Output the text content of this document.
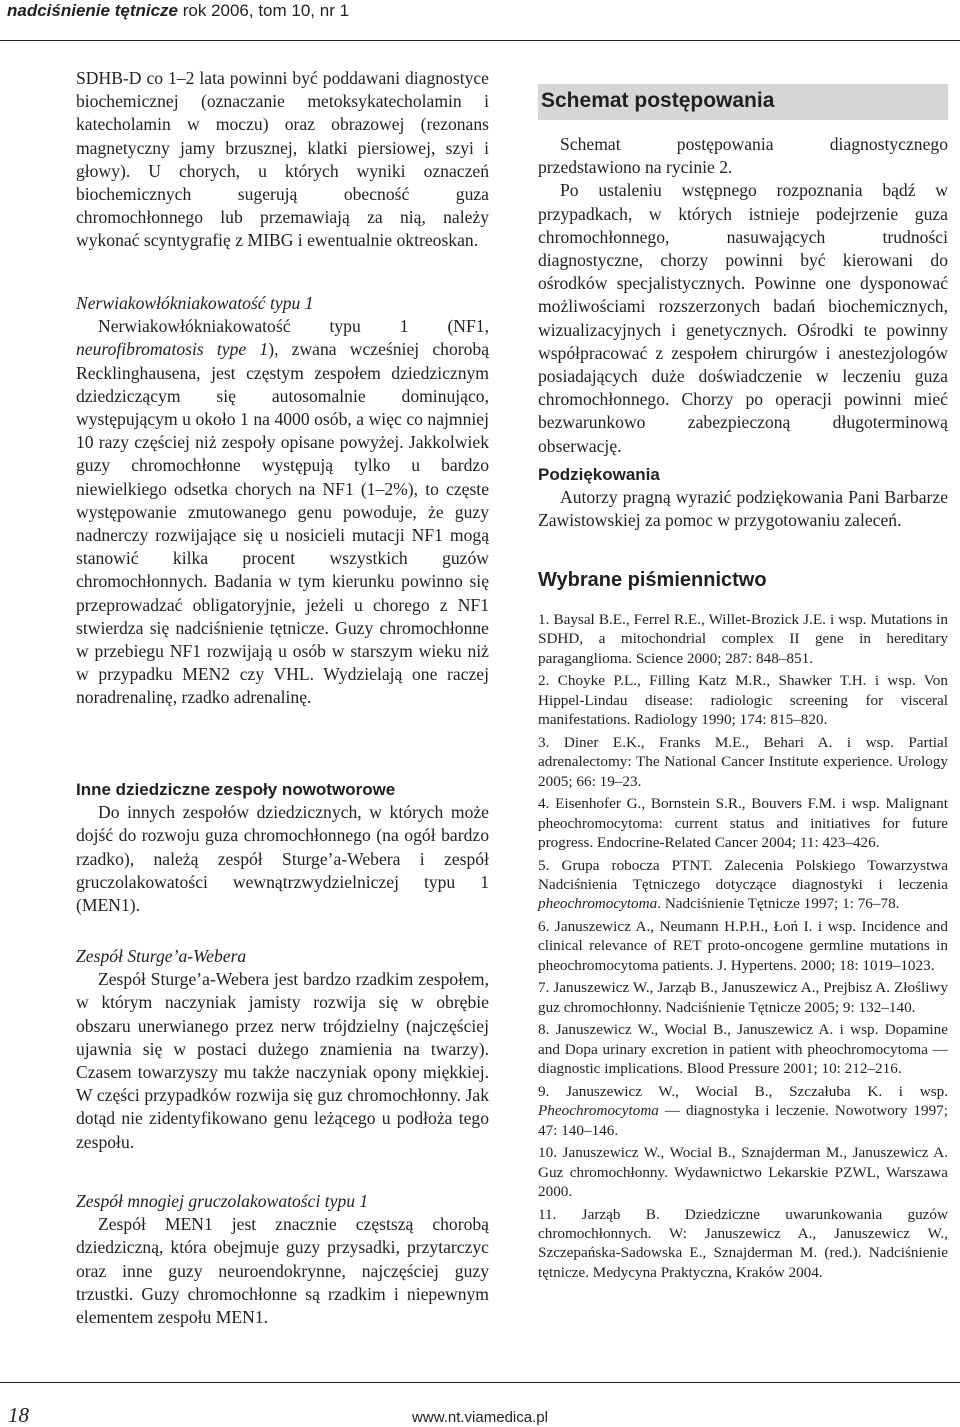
nadciśnienie tętnicze rok 2006, tom 10, nr 1

SDHB-D co 1–2 lata powinni być poddawani diagnostyce biochemicznej (oznaczanie metoksykatecholamin i katecholamin w moczu) oraz obrazowej (rezonans magnetyczny jamy brzusznej, klatki piersiowej, szyi i głowy). U chorych, u których wyniki oznaczeń biochemicznych sugerują obecność guza chromochłonnego lub przemawiają za nią, należy wykonać scyntygrafię z MIBG i ewentualnie oktreoskan.

Nerwiakowłókniakowatość typu 1

Nerwiakowłókniakowatość typu 1 (NF1, neurofibromatosis type 1), zwana wcześniej chorobą Recklinghausena, jest częstym zespołem dziedzicznym dziedziczącym się autosomalnie dominująco, występującym u około 1 na 4000 osób, a więc co najmniej 10 razy częściej niż zespoły opisane powyżej. Jakkolwiek guzy chromochłonne występują tylko u bardzo niewielkiego odsetka chorych na NF1 (1–2%), to częste występowanie zmutowanego genu powoduje, że guzy nadnerczy rozwijające się u nosicieli mutacji NF1 mogą stanowić kilka procent wszystkich guzów chromochłonnych. Badania w tym kierunku powinno się przeprowadzać obligatoryjnie, jeżeli u chorego z NF1 stwierdza się nadciśnienie tętnicze. Guzy chromochłonne w przebiegu NF1 rozwijają u osób w starszym wieku niż w przypadku MEN2 czy VHL. Wydzielają one raczej noradrenalinę, rzadko adrenalinę.

Inne dziedziczne zespoły nowotworowe

Do innych zespołów dziedzicznych, w których może dojść do rozwoju guza chromochłonnego (na ogół bardzo rzadko), należą zespół Sturge’a-Webera i zespół gruczolakowatości wewnątrzwydzielniczej typu 1 (MEN1).

Zespół Sturge’a-Webera

Zespół Sturge’a-Webera jest bardzo rzadkim zespołem, w którym naczyniak jamisty rozwija się w obrębie obszaru unerwianego przez nerw trójdzielny (najczęściej ujawnia się w postaci dużego znamienia na twarzy). Czasem towarzyszy mu także naczyniak opony miękkiej. W części przypadków rozwija się guz chromochłonny. Jak dotąd nie zidentyfikowano genu leżącego u podłoża tego zespołu.

Zespół mnogiej gruczolakowatości typu 1

Zespół MEN1 jest znacznie częstszą chorobą dziedziczną, która obejmuje guzy przysadki, przytarczyc oraz inne guzy neuroendokrynne, najczęściej guzy trzustki. Guzy chromochłonne są rzadkim i niepewnym elementem zespołu MEN1.

Schemat postępowania

Schemat postępowania diagnostycznego przedstawiono na rycinie 2.

Po ustaleniu wstępnego rozpoznania bądź w przypadkach, w których istnieje podejrzenie guza chromochłonnego, nasuwających trudności diagnostyczne, chorzy powinni być kierowani do ośrodków specjalistycznych. Powinne one dysponować możliwościami rozszerzonych badań biochemicznych, wizualizacyjnych i genetycznych. Ośrodki te powinny współpracować z zespołem chirurgów i anestezjologów posiadających duże doświadczenie w leczeniu guza chromochłonnego. Chorzy po operacji powinni mieć bezwarunkowo zabezpieczoną długoterminową obserwację.

Podziękowania

Autorzy pragną wyrazić podziękowania Pani Barbarze Zawistowskiej za pomoc w przygotowaniu zaleceń.

Wybrane piśmiennictwo

1. Baysal B.E., Ferrel R.E., Willet-Brozick J.E. i wsp. Mutations in SDHD, a mitochondrial complex II gene in hereditary paraganglioma. Science 2000; 287: 848–851.

2. Choyke P.L., Filling Katz M.R., Shawker T.H. i wsp. Von Hippel-Lindau disease: radiologic screening for visceral manifestations. Radiology 1990; 174: 815–820.

3. Diner E.K., Franks M.E., Behari A. i wsp. Partial adrenalectomy: The National Cancer Institute experience. Urology 2005; 66: 19–23.

4. Eisenhofer G., Bornstein S.R., Bouvers F.M. i wsp. Malignant pheochromocytoma: current status and initiatives for future progress. Endocrine-Related Cancer 2004; 11: 423–426.

5. Grupa robocza PTNT. Zalecenia Polskiego Towarzystwa Nadciśnienia Tętniczego dotyczące diagnostyki i leczenia pheochromocytoma. Nadciśnienie Tętnicze 1997; 1: 76–78.

6. Januszewicz A., Neumann H.P.H., Łoń I. i wsp. Incidence and clinical relevance of RET proto-oncogene germline mutations in pheochromocytoma patients. J. Hypertens. 2000; 18: 1019–1023.

7. Januszewicz W., Jarząb B., Januszewicz A., Prejbisz A. Złośliwy guz chromochłonny. Nadciśnienie Tętnicze 2005; 9: 132–140.

8. Januszewicz W., Wocial B., Januszewicz A. i wsp. Dopamine and Dopa urinary excretion in patient with pheochromocytoma — diagnostic implications. Blood Pressure 2001; 10: 212–216.

9. Januszewicz W., Wocial B., Szczałuba K. i wsp. Pheochromocytoma — diagnostyka i leczenie. Nowotwory 1997; 47: 140–146.

10. Januszewicz W., Wocial B., Sznajderman M., Januszewicz A. Guz chromochłonny. Wydawnictwo Lekarskie PZWL, Warszawa 2000.

11. Jarząb B. Dziedziczne uwarunkowania guzów chromochłonnych. W: Januszewicz A., Januszewicz W., Szczepańska-Sadowska E., Sznajderman M. (red.). Nadciśnienie tętnicze. Medycyna Praktyczna, Kraków 2004.

18	www.nt.viamedica.pl
